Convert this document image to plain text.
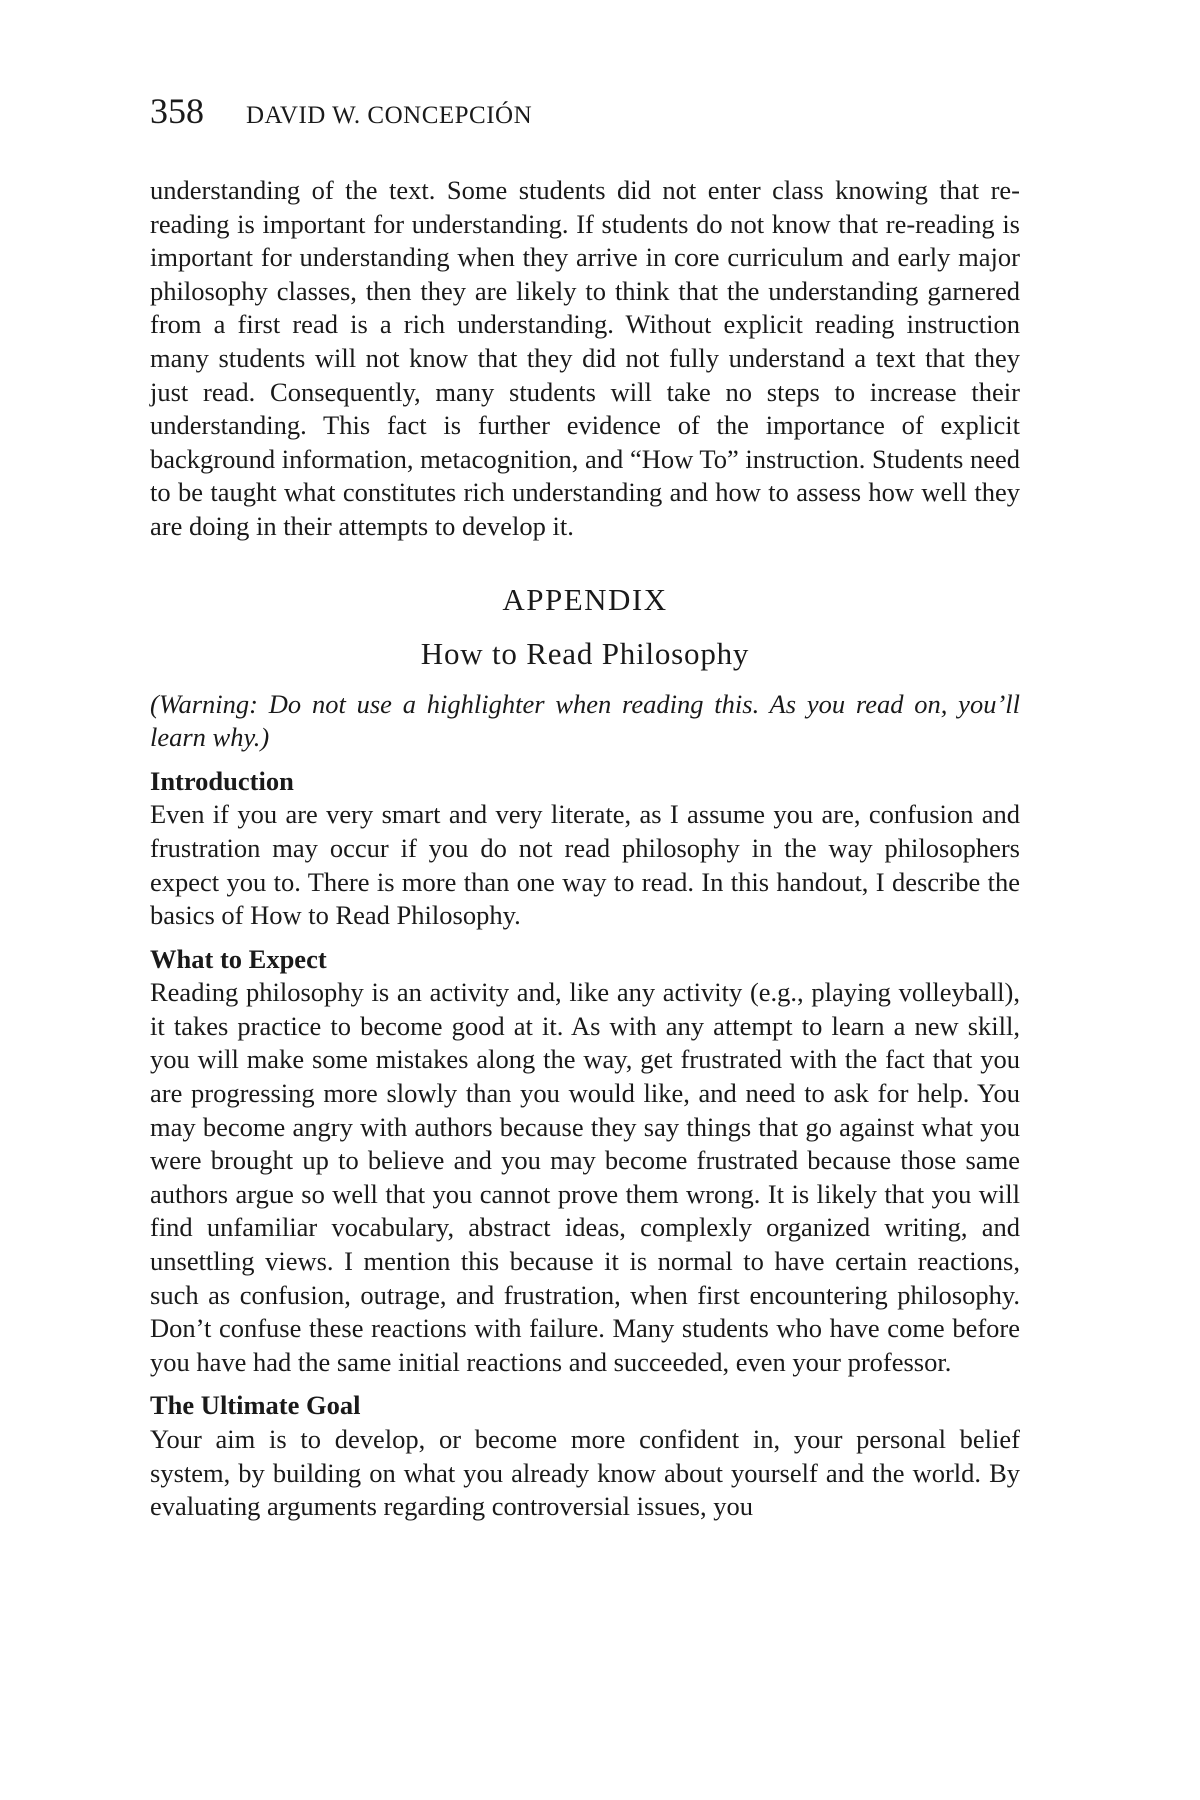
358 DAVID W. CONCEPCIÓN

understanding of the text. Some students did not enter class knowing that re-reading is important for understanding. If students do not know that re-reading is important for understanding when they arrive in core curriculum and early major philosophy classes, then they are likely to think that the understanding garnered from a first read is a rich understanding. Without explicit reading instruction many students will not know that they did not fully understand a text that they just read. Consequently, many students will take no steps to increase their understanding. This fact is further evidence of the importance of explicit background information, metacognition, and “How To” instruction. Students need to be taught what constitutes rich understanding and how to assess how well they are doing in their attempts to develop it.

APPENDIX
How to Read Philosophy

(Warning: Do not use a highlighter when reading this. As you read on, you’ll learn why.)

Introduction

Even if you are very smart and very literate, as I assume you are, confusion and frustration may occur if you do not read philosophy in the way philosophers expect you to. There is more than one way to read. In this handout, I describe the basics of How to Read Philosophy.

What to Expect

Reading philosophy is an activity and, like any activity (e.g., playing volleyball), it takes practice to become good at it. As with any attempt to learn a new skill, you will make some mistakes along the way, get frustrated with the fact that you are progressing more slowly than you would like, and need to ask for help. You may become angry with authors because they say things that go against what you were brought up to believe and you may become frustrated because those same authors argue so well that you cannot prove them wrong. It is likely that you will find unfamiliar vocabulary, abstract ideas, complexly organized writing, and unsettling views. I mention this because it is normal to have certain reactions, such as confusion, outrage, and frustration, when first encountering philosophy. Don’t confuse these reactions with failure. Many students who have come before you have had the same initial reactions and succeeded, even your professor.

The Ultimate Goal

Your aim is to develop, or become more confident in, your personal belief system, by building on what you already know about yourself and the world. By evaluating arguments regarding controversial issues, you
